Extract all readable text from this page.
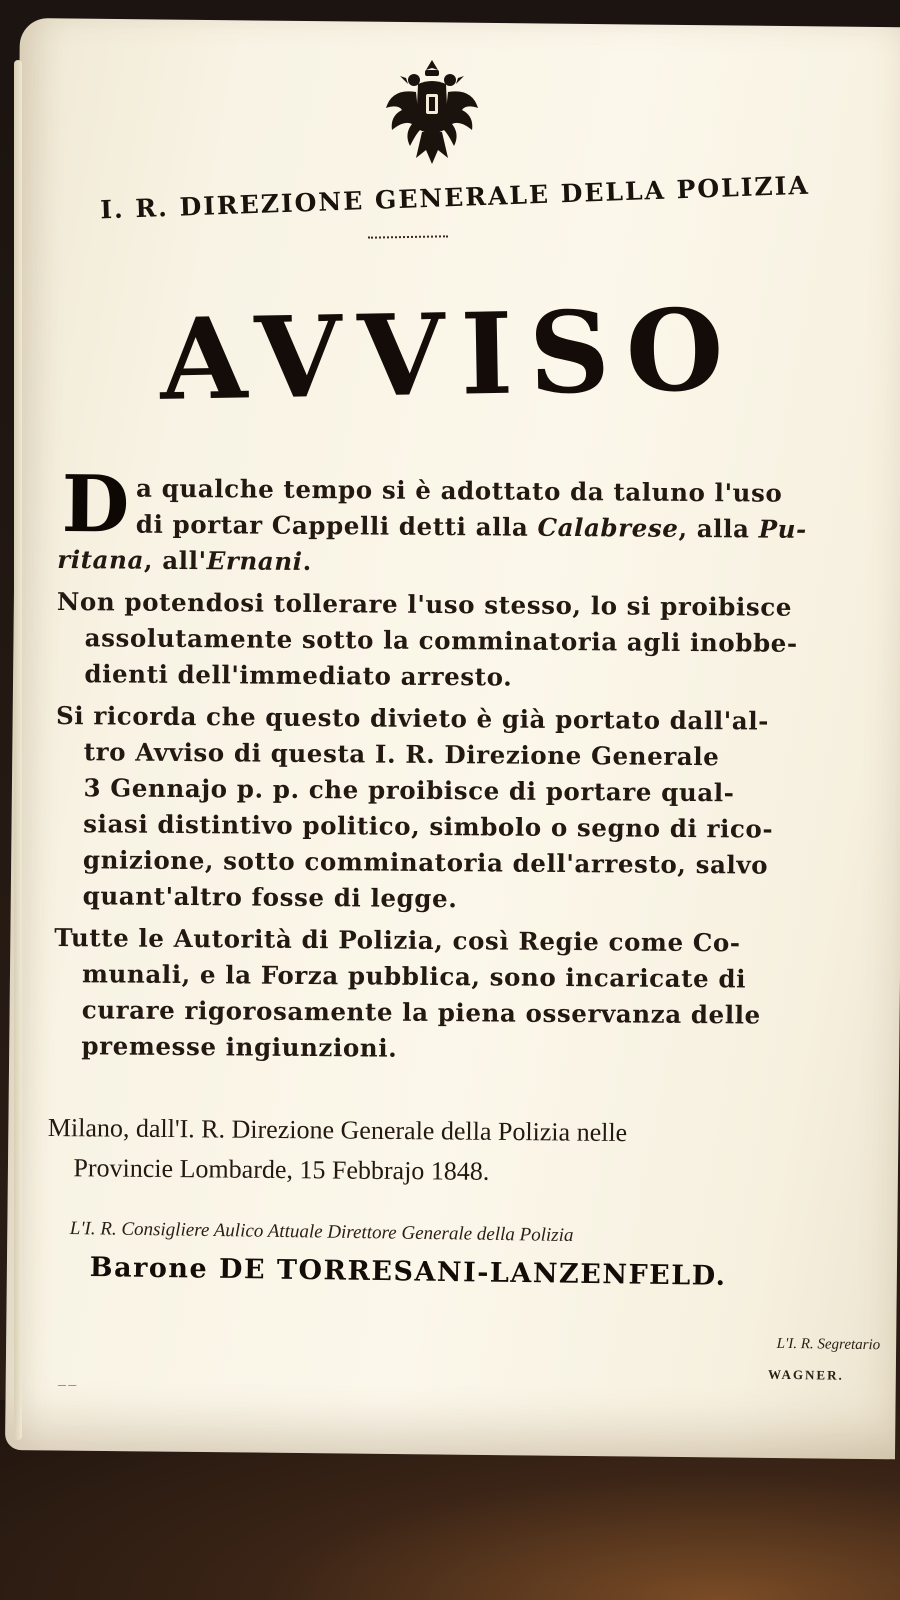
I. R. DIREZIONE GENERALE DELLA POLIZIA
AVVISO

D a qualche tempo si è adottato da taluno l'uso
di portar Cappelli detti alla Calabrese, alla Pu-
ritana, all'Ernani.

Non potendosi tollerare l'uso stesso, lo si proibisce
assolutamente sotto la comminatoria agli inobbe-
dienti dell'immediato arresto.

Si ricorda che questo divieto è già portato dall'al-
tro Avviso di questa I. R. Direzione Generale
3 Gennajo p. p. che proibisce di portare qual-
siasi distintivo politico, simbolo o segno di rico-
gnizione, sotto comminatoria dell'arresto, salvo
quant'altro fosse di legge.

Tutte le Autorità di Polizia, così Regie come Co-
munali, e la Forza pubblica, sono incaricate di
curare rigorosamente la piena osservanza delle
premesse ingiunzioni.

Milano, dall'I. R. Direzione Generale della Polizia nelle
Provincie Lombarde, 15 Febbrajo 1848.
L'I. R. Consigliere Aulico Attuale Direttore Generale della Polizia
Barone DE TORRESANI-LANZENFELD.
— —
L'I. R. Segretario
WAGNER.
